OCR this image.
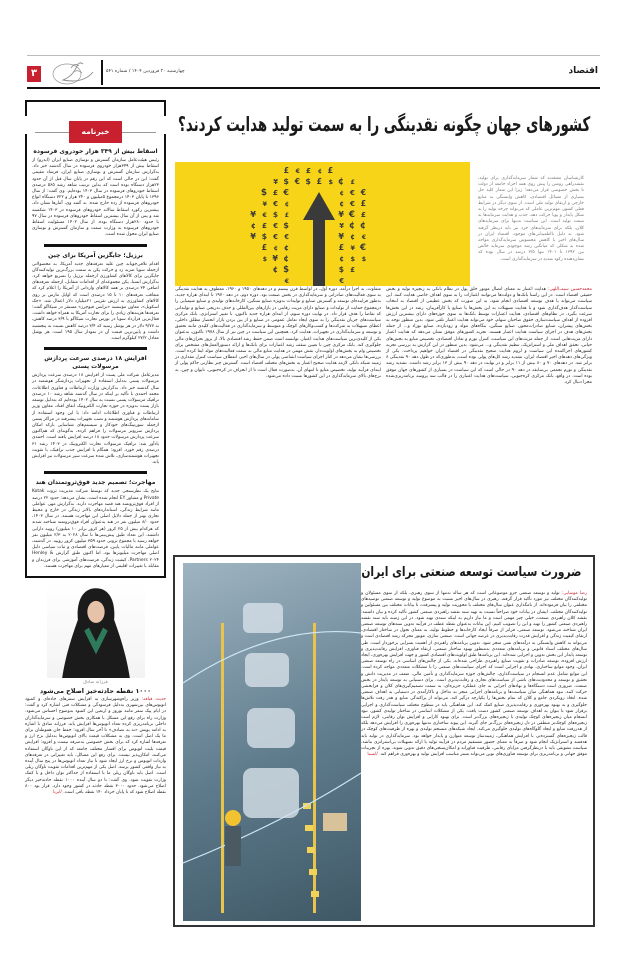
اقتصاد
۳	چهارشنبه ۲۰ فروردین ۱۴۰۴ / شماره ۵۴۱
کشورهای جهان چگونه نقدینگی را به سمت تولید هدایت کردند؟
£ € £ ¢ £
¥ $ € $ £ $ ¢ £
$ £ €	¢ € €
¥ € ¢	¢ € £
¥ € $ £	¥ € £
¢ £ € $	¥ ¢ ¢
¥ $ € €	¥ ¢ €
£ ¢ ¢	£ ¥ €
$ ¥ ¢	¢ $ $
¢ $	$ £
€	€
کارشناسان معتقدند که شعار سرمایه‌گذاری برای تولید، نقشه‌راهی روشن را پیش روی همه اجزاء جامعه از دولت تا بخش خصوصی قرار می‌دهد؛ زیرا این شعار کلید حل بسیاری از مسائل اقتصادی، کاهش وابستگی به منابع خارجی و ارتقای تولید ملی است. از سوی دیگر در شرایط فعلی کشور، مهم‌ترین عاملی که می‌تواند چرخه تولید را به شکل پایدار و پویا حرکت دهد، جذب و هدایت سرمایه‌ها به سمت تولید است. این سیاست نه‌تنها برای سرمایه‌های کلان، بلکه برای سرمایه‌های خرد نیز باید درنظر گرفته شود. به دلیل نااطمینانی‌های موجود، اقتصاد ایران در سال‌های اخیر با کاهش محسوس سرمایه‌گذاری مواجه شده به شکلی که میانگین رشد موجودی سرمایه خالص بین ۱۳۹۲ تا ۱۴۰۱ تنها ۳/۵ درصد در سال بوده که نشان‌دهنده رکود شدید در سرمایه‌گذاری است.
محمدحسین سیف‌اللهی: هدایت اعتبار به معنای اتصال موتور خلق پول در نظام بانکی به زنجیره تولید و بخش حقیقی اقتصاد است. در این راستا بانک‌ها و دولت‌ها می‌توانند اعتبارات را به سوی اهداف خاصی هدایت کنند. این سیاست می‌تواند با هدف توسعه اقتصادی انجام شود، به این صورت که بخش عظیمی از اقتصاد به انتخاب سیاست‌گذار هدف‌گذاری شود و با هدایت تسهیلات به این بخش‌ها یا صنایع یا کارآفرینان، رشد در این بخش‌ها سرعت بگیرد. در نظام‌های اقتصادی، هدایت اعتبارات توسط بانک‌ها به سوی حوزه‌های دارای بیشترین ارزش افزوده از اهداف سیاست‌سازی حقوق صاحبان سهام، خود می‌تواند هدایت اعتبار تلقی شود. بدین منظور توجه به بخش‌های پیشران، صنایع صادرات‌محور، صنایع سنگین، بنگاه‌های مولد و زودبازده، صنایع نوزاد و... از جمله بخش‌های هدف در اجرای سیاست هدایت اعتبار هستند. تجربه کشورهای موفق نشان می‌دهد که هدایت اعتبار دارای مزیت‌هایی است. از جمله مزیت‌های این سیاست، کنترل تورم و تعادل اقتصادی، تخصیص منابع به بخش‌های حیاتی، تحقق اهداف ملی و استراتژیک، تنظیم نقدینگی و... می‌شود. بدین منظور در این گزارش به بررسی تجربه کشورهای اجراکننده این سیاست و لزوم هدایت صحیح نقدینگی در اقتصاد ایران خواهیم پرداخت. یکی از ویژگی‌های دهه‌های اخیر اقتصاد ایران، تشدید رشد کل‌های پولی بوده است، به‌طوری‌که در طول دهه ۹۰ نقدینگی ۸ برابر شد. در دهه‌های ۷۰ و ۸۰ بیش از ۱۱ برابر و در نهایت در دهه ۹۰ بیش از ۱۳ برابر رشد داشت. تشدید رشد نقدینگی و تورم تجمعی بی‌سابقه در دهه ۹۰ در حالی است که این سیاست در بسیاری از کشورهای جهان موفق بوده است. در واقع، بانک مرکزی کره‌جنوبی، سیاست‌های هدایت اعتباری را در قالب سه پروسه برنامه‌ریزی‌شده مجزا دنبال کرد.
متفاوت، به اجرا درآمد. دوره اول، در اواسط قرن بیستم و در دهه‌های ۱۹۵۰ و ۱۹۶۰، معطوف به هدایت نقدینگی به سوی فعالیت‌های صادراتی و سرمایه‌گذاری در بخش صنعت بود. دوره دوم، در دهه ۱۹۷۰ تا ابتدای هزاره جدید، به‌طور فزاینده‌ای توسعه و گسترش صنایع و تولیدات به‌ویژه صنایع سنگین، کارخانه‌های تولیدی و صنایع شیمیایی را درمجموع حمایت از تولیدات و صنایع دارای مزیت رقابتی در بازارهای بین‌المللی و حذف تدریجی صنایع و تولیداتی که تقاضا را هدف قرار داد. در نهایت دوره سوم، از ابتدای هزاره جدید تاکنون، با تغییر استراتژی، بانک مرکزی سیاست‌های جریان نقدینگی را به سوی ایجاد تعامل عمومی در صنایع و از بین بردن بازار انحصار مطلق داخلی، اعطای تسهیلات به شرکت‌ها و کسب‌وکارهای کوچک و متوسط و سرمایه‌گذاری در فعالیت‌های کلیدی مانند تحقیق و توسعه و سرمایه‌گذاری در تجهیزات، هدایت کرد. همچنین این سیاست در چین نیز از سال ۱۹۷۸ تاکنون، به‌عنوان یکی از کلیدی‌ترین سیاست‌های هدایت اعتبار، توانسته است ضمن حفظ رشد اقتصادی بالا، از بروز بحران‌های مالی جلوگیری کند. بانک مرکزی چین با تعیین سقف رشد اعتبارات برای بانک‌ها و ارائه دستورالعمل‌های مشخص برای تخصیص وام به بخش‌های اولویت‌دار، نقش مهمی در هدایت منابع مالی به سمت فعالیت‌های مولد ایفا کرده است. بررسی‌ها نشان می‌دهد در کنار اجرای سیاست انقباضی پولی در سال‌های اخیر، انعطاف سیاست کنترل مقداری در زمینه شبکه بانکی لازمه هدایت صحیح اعتبار به بخش‌های مختلف اقتصاد است. گسترش چتر نظارتی حاکم پولی از ابتدای فرآیند تولید، تخصیص منابع تا انتهای آن، به‌صورت فعال است تا از انحراف در کره‌جنوبی، تایوان و چین، به نرخ‌های بالای سرمایه‌گذاری در این کشورها نسبت داده می‌شود.
ضرورت سیاست توسعه صنعتی برای ایران
رضا موسایی: تولید و توسعه صنعتی جزو موضوعاتی است که هر ساله نه‌تنها از سوی رهبری، بلکه از سوی مسئولان و تولیدکنندگان مختلف نیز مورد تأکید قرار گرفته. رهبری در سال‌های اخیر نسبت به موضوع تولید و توسعه صنعتی توصیه‌های مختلفی را بیان فرموده‌اند. از نامگذاری عنوان سال‌های مختلف با محوریت تولید و پیشرفت، تا بیانات مختلف بین مسئولین و تولیدکنندگان مختلف. ایشان در بیانات خود صراحتاً نسبت به تهیه سند نقشه راهبردی صنعتی کشور تأکید کرده و بیان داشتند: نقشه کلان راهبردی صنعت، خیلی چیز مهمی است و ما نیاز داریم به اینکه سندی تهیه شود. در این زمینه باید سند نقشه راهبردی صنعتی کشور را تهیه و این را تصویب کنیم. این بیانات به‌عنوان نقطه عطف در فرآیند تدوین سندهای توسعه صنعتی ایران شناخته می‌شود. توسعه صنعتی، فراتر از صرفاً ایجاد کارخانه‌ها و خطوط تولید، به معنای تحول در ساختار اقتصادی، ارتقای کیفیت زندگی و افزایش قدرت رقابت‌پذیری در عرصه جهانی است. صنعتی سازی، موتور محرکه رشد اقتصادی است و می‌تواند به کاهش وابستگی به درآمدهای نفتی منجر شود. تدوین برنامه‌های راهبردی از اهمیت بسزایی برخوردار است. طی سال‌های مختلف اسناد قانونی و برنامه‌های متعددی به‌منظور بهبود ساختار صنعتی، ارتقاء فناوری، افزایش رقابت‌پذیری و توسعه پایدار این بخش تدوین و اجرایی شده‌اند. این برنامه‌ها طبق اولویت‌های اقتصادی کشور و جهت افزایش بهره‌وری، ایجاد ارزش افزوده، توسعه صادرات و تقویت صنایع راهبردی طراحی شده‌اند. یکی از چالش‌های اساسی در راه توسعه صنعتی ایران، وجود موانع ساختاری، نهادی و اجرایی است که اجرای سیاست‌های صنعتی را با مشکلات متعددی مواجه کرده است. این موانع شامل عدم انسجام در سیاست‌گذاری، چالش‌های حوزه سرمایه‌گذاری و تأمین مالی، ضعف در مدیریت دانش و تحقیق و توسعه و محدودیت‌های ناشی از سیاست‌های تجاری و رقابت‌پذیری است. برای دستیابی به توسعه پایدار در بخش صنعت، ضروری است دستگاه‌ها و نهادهای اجرایی به جای عملکرد جزیره‌ای، به سمت تصمیم‌گیری‌های کلان و فرابخشی حرکت کنند. نبود هماهنگی میان سیاست‌ها و برنامه‌های اجرایی منجر به تداخل و ناکارآمدی در دستیابی به اهداف صنعتی شده. اتخاذ رویکردی جامع و کلان که تمام بخش‌ها را یکپارچه درگیر کند، می‌تواند از پراکندگی منابع و هدر رفت تلاش‌ها جلوگیری و به بهبود بهره‌وری و رقابت‌پذیری صنایع کمک کند. این هماهنگی باید در سطوح مختلف سیاست‌گذاری و اجرایی برقرار شود تا بتوان به اهداف توسعه صنعتی کشور دست یافت. یکی از مشکلات اساسی در ساختار تولیدی کشور، نبود انسجام میان زنجیره‌های کوچک تولیدی با زنجیره‌های بزرگ‌تر است. برای بهبود کارایی و افزایش توان رقابتی، لازم است زنجیره‌های کوچک‌تر منطقی در دل زنجیره‌های بزرگ‌تر جای گیرند. این پیوند ساختاری نه‌تنها بهره‌وری را افزایش می‌دهد بلکه از هدررفت منابع و ایجاد گلوگاه‌های تولیدی جلوگیری می‌کند. ایجاد شبکه‌های منسجم تولیدی و بهره از ظرفیت‌های کوچک در قالب زنجیره‌های گسترده‌تر، با افزایش هماهنگی، زمینه‌ساز توسعه متوازن و پایدار خواهد بود. سرمایه‌گذاری در تولید باید هدفمند و استراتژیک انجام شود و صرفاً به معنای حضور مستقیم مردم در فرآیند تولید یا ارائه تسهیلات بی‌استراتژی نباشد. سیاست تشویقی باید با درنظرگرفتن مزایای رقابتی، ظرفیت فناورانه و امکان‌سنجی‌های دقیق تدوین شوند. بهره از تجربیات موفق جهانی و برنامه‌ریزی برای توسعه فناوری‌های نوین می‌تواند بستر مناسب افزایش تولید و بهره‌وری فراهم کند. /ایسنا
خبرنامه
اسقاط بیش از ۳۴۹ هزار خودروی فرسوده
رئیس هیئت‌عامل سازمان گسترش و نوسازی صنایع ایران (ایدرو) از اسقاط بیش از ۳۴۹هزار خودروی فرسوده در سال گذشته خبر داد. به‌گزارش سازمان گسترش و نوسازی صنایع ایران، فرشاد مقیمی گفت: این در حالی است که این رقم در پایان سال قبل از آن حدود ۲۳هزار دستگاه بوده است که به‌این ترتیب شاهد رشد ۵۶۵ درصدی اسقاط خودروهای فرسوده در سال ۱۴۰۳ بوده‌ایم. وی گفت: از سال ۱۳۹۶ تا پایان ۱۴۰۳ درمجموع ۵میلیون و ۲۴۰ هزار و ۷۲۲ دستگاه انواع خودروهای فرسوده از رده خارج شده. به گفته وی، آمارها نشان داد، بیشترین رکورد اسقاط سالانه خودروهای فرسوده در ۱۴۰۳ شکسته شد و پس از آن سال بیشترین اسقاط خودروهای فرسوده در سال ۹۷ با حدود ۲۸۰هزار دستگاه بوده. از سال ۱۴۰۲ مسئولیت اسقاط خودروهای فرسوده به وزارت صمت و سازمان گسترش و نوسازی صنایع ایران محول شده است.
برزیل؛ جایگزین آمریکا برای چین
اقدام تلافی‌جویانه چین علیه تعرفه‌های جدید آمریکا، به محصولاتی ازجمله سویا ضربه زد و حرکت پکن به سمت بزرگ‌ترین تولیدکنندگان جایگزین برای کالاهای کشاورزی ازجمله برزیل را تسریع خواهد کرد. به‌گزارش ایسنا، پکن مجموعه‌ای از اقدامات متقابل، ازجمله تعرفه‌های اضافی ۳۴ درصدی بر همه کالاهای وارداتی از آمریکا را اعلام کرد که متعاقب تعرفه‌های ۱۰ تا ۱۵ درصدی است که اوایل مارس بر روی کالاهای کشاورزی به ارزش تقریبی ۲۱میلیارد دلار اعمال شد. «جک اسکویل»، معاون مؤسسه «برایس فیوچرز» مستقر در شیکاگو گفت: تعرفه‌ها هزینه‌های زیادی را برای تجارت آمریکا به همراه خواهد داشت. فعال‌ترین قرارداد سویا در بورس تجارت شیکاگو با ۳/۹ درصد کاهش، به ۹/۷۷ دلار در هر بوشل رسید که ۳/۴ درصد کاهش نسبت به پنجشنبه داشت و پایین‌ترین قیمت آن در نمودار سال ۱۹۵ است. هر بوشل معادل ۲۷/۲ کیلوگرم است.
افزایش ۱۸ درصدی سرعت پردازش مرسولات پستی
مدیرعامل شرکت ملی پست از افزایش ۱۸ درصدی سرعت پردازش مرسولات پستی به‌دلیل استفاده از تجهیزات پردازشگر هوشمند در سال گذشته خبر داد. به‌گزارش وزارت ارتباطات و فناوری اطلاعات، محمد احمدی با تأکید بر اینکه در سال گذشته شاهد رشد ۱۰ درصدی ترافیک مرسولات پستی نسبت به سال ۱۴۰۲ بوده‌ایم که به‌دلیل توسعه بازار پست به‌ویژه در حوزه تجارت الکترونیک اتفاق افتاد، معاون وزیر ارتباطات و فناوری اطلاعات ادامه داد: با این وجود استفاده از سامانه‌های پردازش هوشمند و نصب تجهیزات پیشرفته در مراکز پستی ازجمله سورتینگ‌های خودکار و سیستم‌های شناسایی بارکد امکان پردازش سریع‌تر مرسولات را فراهم کرده، به‌گونه‌ای که هم‌اکنون سرعت پردازش مرسولات حدود ۱۸ درصد افزایش یافته است. احمدی یادآور شد: ترافیک مرسولات تجارت الکترونیک در ۱۴۰۳ رشد ۳۱ درصدی رقم خورد. افزود: همگام با افزایش جذب ترافیک، با تقویت تجهیزات هوشمندسازی، تلاش شده سرعت سیر مرسولات نیز افزایش یابد.
مهاجرت؛ تصمیم جدید فوق‌ثروتمندان هند
نتایج یک نظرسنجی جدید که توسط شرکت مدیریت ثروت Kotak Private و مشاور EY انجام شده است، نشان می‌دهد: حدود ۲۲ درصد از افراد فوق‌ثروتمند هند قصد مهاجرت دارند. به‌گزارش مهر، عواملی مانند شرایط زندگی، استانداردهای بالاتر زندگی در خارج و محیط تجاری بهتر از جمله دلایل اصلی این مهاجرت هستند. در سال ۱۴۰۳، حدود ۸/۰ میلیون نفر در هند به‌عنوان افراد فوق‌ثروتمند شناخته شدند که هرکدام بیش از ۲۵ کرور (هر کرور برابر ۱۰ میلیون) روپیه دارایی داشتند. این تعداد طبق پیش‌بینی‌ها تا سال ۲۰۲۸ به ۲/۳ میلیون نفر خواهد رسید با مجموع ثروتی حدود ۳۵۹ میلیون کرور روپیه. در گذشته، عواملی مانند مالیات پایین، فرصت‌های اقتصادی و ثبات سیاسی دلیل اصلی مهاجرت میلیونرها بود، اما اکنون طبق گزارش Henley & Partners ۲۰۲۴، کیفیت زندگی، فرصت‌های آموزشی برای فرزندان و مقابله با تغییرات اقلیمی از معیارهای مهم برای مهاجرت هستند.
فرزانه صادق
۱۰۰۰ نقطه حادثه‌خیز اصلاح می‌شود
حدیث قیافه: وزیر راه‌وشهرسازی به افزایش سفرهای جاده‌ای و کمبود اتوبوس‌های بین‌شهری به‌دلیل فرسودگی و مشکلات فنی اشاره کرد و گفت: در ایام پیک سفر مانند نوروز و اربعین این کمبود به‌وضوح احساس می‌شود. وزارت راه برای رفع این مشکل با همکاری بخش خصوصی و سرمایه‌گذاران داخلی برنامه‌ریزی کرده تعداد اتوبوس‌ها افزایش یابد. فرزانه صادق با اشاره به ادامه پویش «نه به تصادف» تا آخر سال افزود: حفظ جان هموطنان برای ما یک اصل است. وی به مشکلات قیمت بالای اتوبوس‌ها به‌دلیل نرخ ارز و تعرفه‌ها اشاره کرد که برای بخش خصوصی به‌صرفه نیست و افزود: افزایش قیمت بلیت اتوبوس برای اقشار مختلف جامعه که از این ناوگان استفاده می‌کنند، امکان‌پذیر نیست. برای رفع این مسائل، باید تغییراتی در تعرفه‌های واردات اتوبوس و نرخ ارز ایجاد شود تا نیاز تعداد اتوبوس‌ها در پنج سال آینده به نیاز واقعی کشور برسد. اصل یکی از مهم‌ترین اقدامات تقویت ناوگان ریلی است. اصل باید ناوگان ریلی ما با استفاده از حداکثر توان داخل و با کمک وزارت تقویت شود. وی گفت: تا دو سال آینده ۱۰۰۰ نقطه حادثه‌خیز دیگر اصلاح می‌شود. حدود ۳۰۰۰ نقطه حادثه در کشور وجود دارد. قرار بود ۸۰۰ نقطه اصلاح شود که تا پایان خرداد ۱۴۰ نقطه باقی است. /ایرنا
